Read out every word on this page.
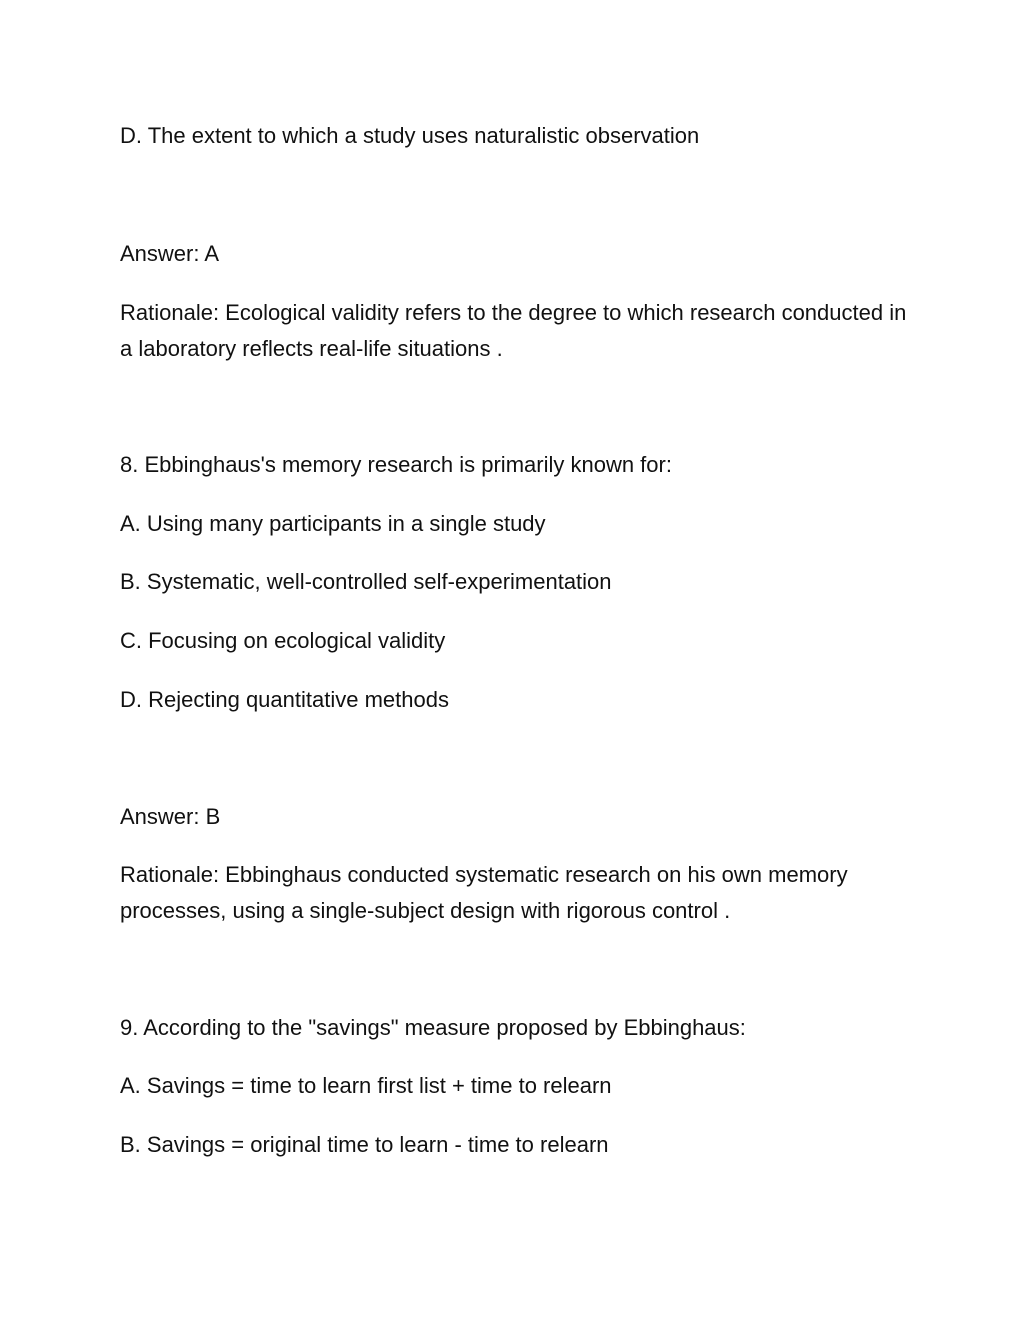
D. The extent to which a study uses naturalistic observation
Answer: A
Rationale: Ecological validity refers to the degree to which research conducted in a laboratory reflects real-life situations .
8. Ebbinghaus's memory research is primarily known for:
A. Using many participants in a single study
B. Systematic, well-controlled self-experimentation
C. Focusing on ecological validity
D. Rejecting quantitative methods
Answer: B
Rationale: Ebbinghaus conducted systematic research on his own memory processes, using a single-subject design with rigorous control .
9. According to the "savings" measure proposed by Ebbinghaus:
A. Savings = time to learn first list + time to relearn
B. Savings = original time to learn - time to relearn
